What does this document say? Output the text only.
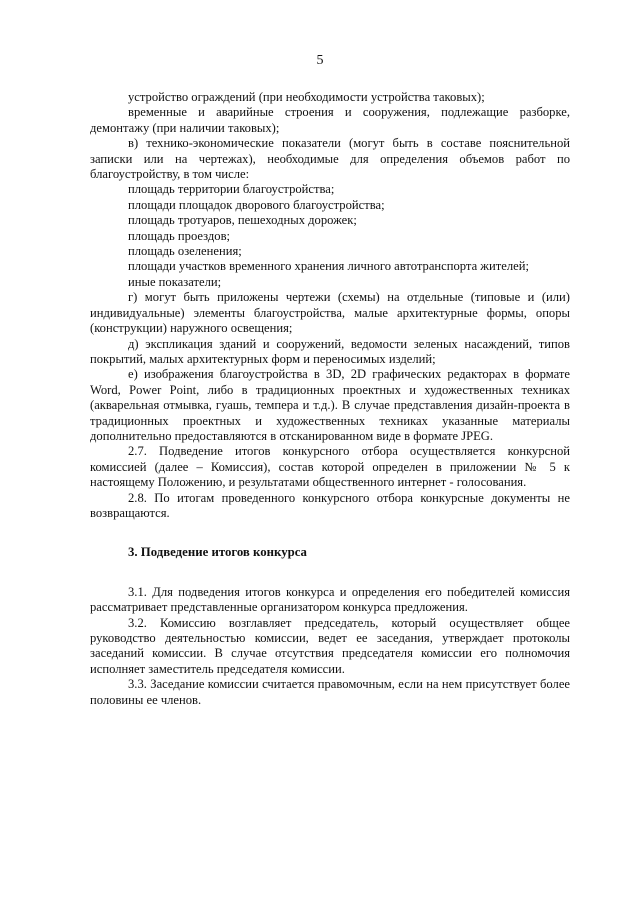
5

устройство ограждений (при необходимости устройства таковых);

временные и аварийные строения и сооружения, подлежащие разборке, демонтажу (при наличии таковых);

в) технико-экономические показатели (могут быть в составе пояснительной записки или на чертежах), необходимые для определения объемов работ по благоустройству, в том числе:

площадь территории благоустройства;

площади площадок дворового благоустройства;

площадь тротуаров, пешеходных дорожек;

площадь проездов;

площадь озеленения;

площади участков временного хранения личного автотранспорта жителей;

иные показатели;

г) могут быть приложены чертежи (схемы) на отдельные (типовые и (или) индивидуальные) элементы благоустройства, малые архитектурные формы, опоры (конструкции) наружного освещения;

д) экспликация зданий и сооружений, ведомости зеленых насаждений, типов покрытий, малых архитектурных форм и переносимых изделий;

е) изображения благоустройства в 3D, 2D графических редакторах в формате Word, Power Point, либо в традиционных проектных и художественных техниках (акварельная отмывка, гуашь, темпера и т.д.). В случае представления дизайн-проекта в традиционных проектных и художественных техниках указанные материалы дополнительно предоставляются в отсканированном виде в формате JPEG.

2.7. Подведение итогов конкурсного отбора осуществляется конкурсной комиссией (далее – Комиссия), состав которой определен в приложении № 5 к настоящему Положению, и результатами общественного интернет - голосования.

2.8. По итогам проведенного конкурсного отбора конкурсные документы не возвращаются.

3. Подведение итогов конкурса

3.1. Для подведения итогов конкурса и определения его победителей комиссия рассматривает представленные организатором конкурса предложения.

3.2. Комиссию возглавляет председатель, который осуществляет общее руководство деятельностью комиссии, ведет ее заседания, утверждает протоколы заседаний комиссии. В случае отсутствия председателя комиссии его полномочия исполняет заместитель председателя комиссии.

3.3. Заседание комиссии считается правомочным, если на нем присутствует более половины ее членов.
